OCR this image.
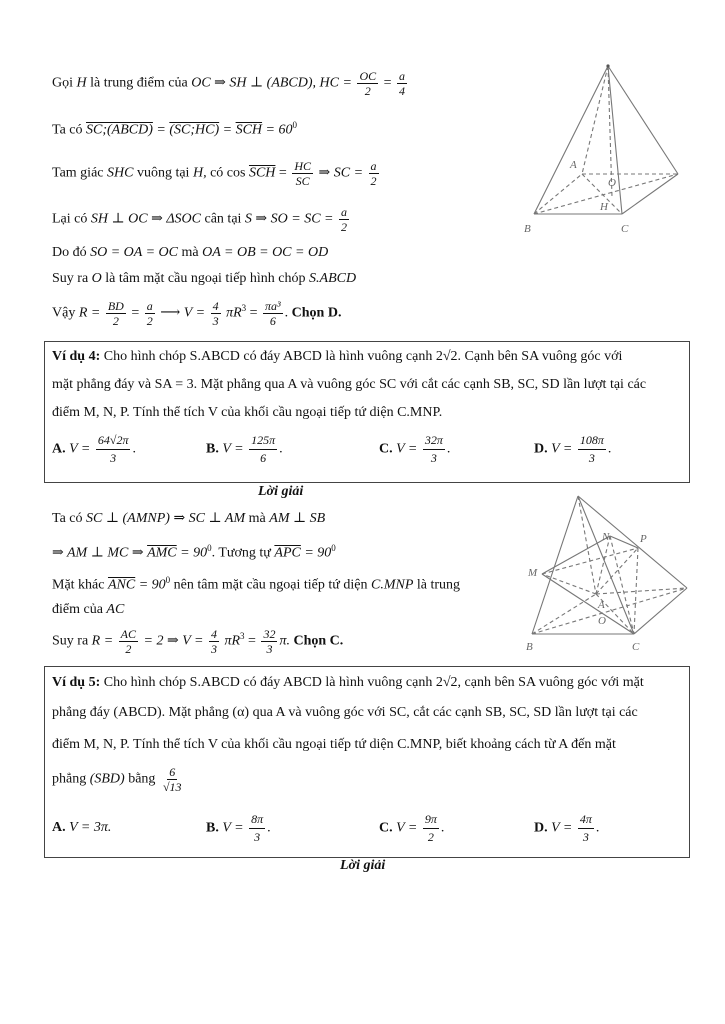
Gọi H là trung điểm của OC ⇒ SH ⊥ (ABCD), HC = $\frac{OC}{2} = \frac{a}{4}$
Ta có SC;(ABCD) = (SC;HC) = $\overline{SCH} = 60^0$
Tam giác SHC vuông tại H, có $\cos \overline{SCH} = \frac{HC}{SC}$ ⇒ SC = $\frac{a}{2}$
Lại có SH ⊥ OC ⇒ ΔSOC cân tại S ⇒ SO = SC = $\frac{a}{2}$
Do đó SO = OA = OC mà OA = OB = OC = OD
Suy ra O là tâm mặt cầu ngoại tiếp hình chóp S.ABCD
Vậy $R = \frac{BD}{2} = \frac{a}{2}$ ⟶ $V = \frac{4}{3} \pi R^3 = \frac{\text{πa³}}{6}$ . Chọn D.
A
B	C
O
H
Ví dụ 4: Cho hình chóp S.ABCD có đáy ABCD là hình vuông cạnh 2√2. Cạnh bên SA vuông góc với
mặt phẳng đáy và SA = 3. Mặt phẳng qua A và vuông góc SC với cắt các cạnh SB, SC, SD lần lượt tại các
điểm M, N, P. Tính thể tích V của khối cầu ngoại tiếp tứ diện C.MNP.
A. $V = \frac{64√2\pi}{3}$ .	B. $V = \frac{125\pi}{6}$ .	C. $V = \frac{32\pi}{3}$ .	D. $V = \frac{108\pi}{3}$ .
Lời giải
Ta có SC ⊥ (AMNP) ⇒ SC ⊥ AM mà AM ⊥ SB
⇒ AM ⊥ MC ⇒ $\overline{AMC} = 90^0$. Tương tự $\overline{APC} = 90^0$
Mặt khác $\overline{ANC} = 90^0$ nên tâm mặt cầu ngoại tiếp tứ diện C.MNP là trung
điểm của AC
Suy ra $R = \frac{AC}{2} = 2$ ⇒ $V = \frac{4}{3} \pi R^3 = \frac{32}{3} \pi$. Chọn C.
M
N	P
A
O
B	C
Ví dụ 5: Cho hình chóp S.ABCD có đáy ABCD là hình vuông cạnh 2√2, cạnh bên SA vuông góc với mặt
phẳng đáy (ABCD). Mặt phẳng (α) qua A và vuông góc với SC, cắt các cạnh SB, SC, SD lần lượt tại các
điểm M, N, P. Tính thể tích V của khối cầu ngoại tiếp tứ diện C.MNP, biết khoảng cách từ A đến mặt
phẳng (SBD) bằng $\frac{6}{√13}$
A. V = 3π.	B. $V = \frac{8\pi}{3}$ .	C. $V = \frac{9\pi}{2}$ .	D. $V = \frac{4\pi}{3}$ .
Lời giải
